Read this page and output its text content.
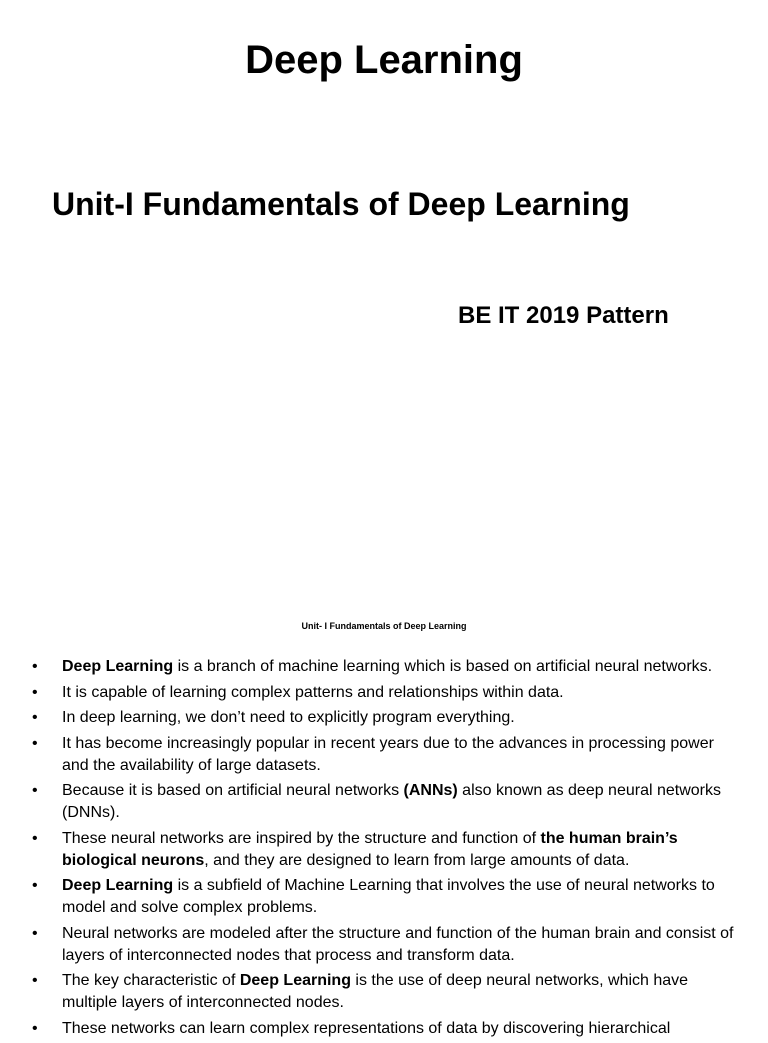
Deep Learning
Unit-I Fundamentals of Deep Learning
BE IT 2019 Pattern
Unit- I Fundamentals of Deep Learning
• Deep Learning is a branch of machine learning which is based on artificial neural networks.
• It is capable of learning complex patterns and relationships within data.
• In deep learning, we don’t need to explicitly program everything.
• It has become increasingly popular in recent years due to the advances in processing power and the availability of large datasets.
• Because it is based on artificial neural networks (ANNs) also known as deep neural networks (DNNs).
• These neural networks are inspired by the structure and function of the human brain’s biological neurons, and they are designed to learn from large amounts of data.
• Deep Learning is a subfield of Machine Learning that involves the use of neural networks to model and solve complex problems.
• Neural networks are modeled after the structure and function of the human brain and consist of layers of interconnected nodes that process and transform data.
• The key characteristic of Deep Learning is the use of deep neural networks, which have multiple layers of interconnected nodes.
• These networks can learn complex representations of data by discovering hierarchical
